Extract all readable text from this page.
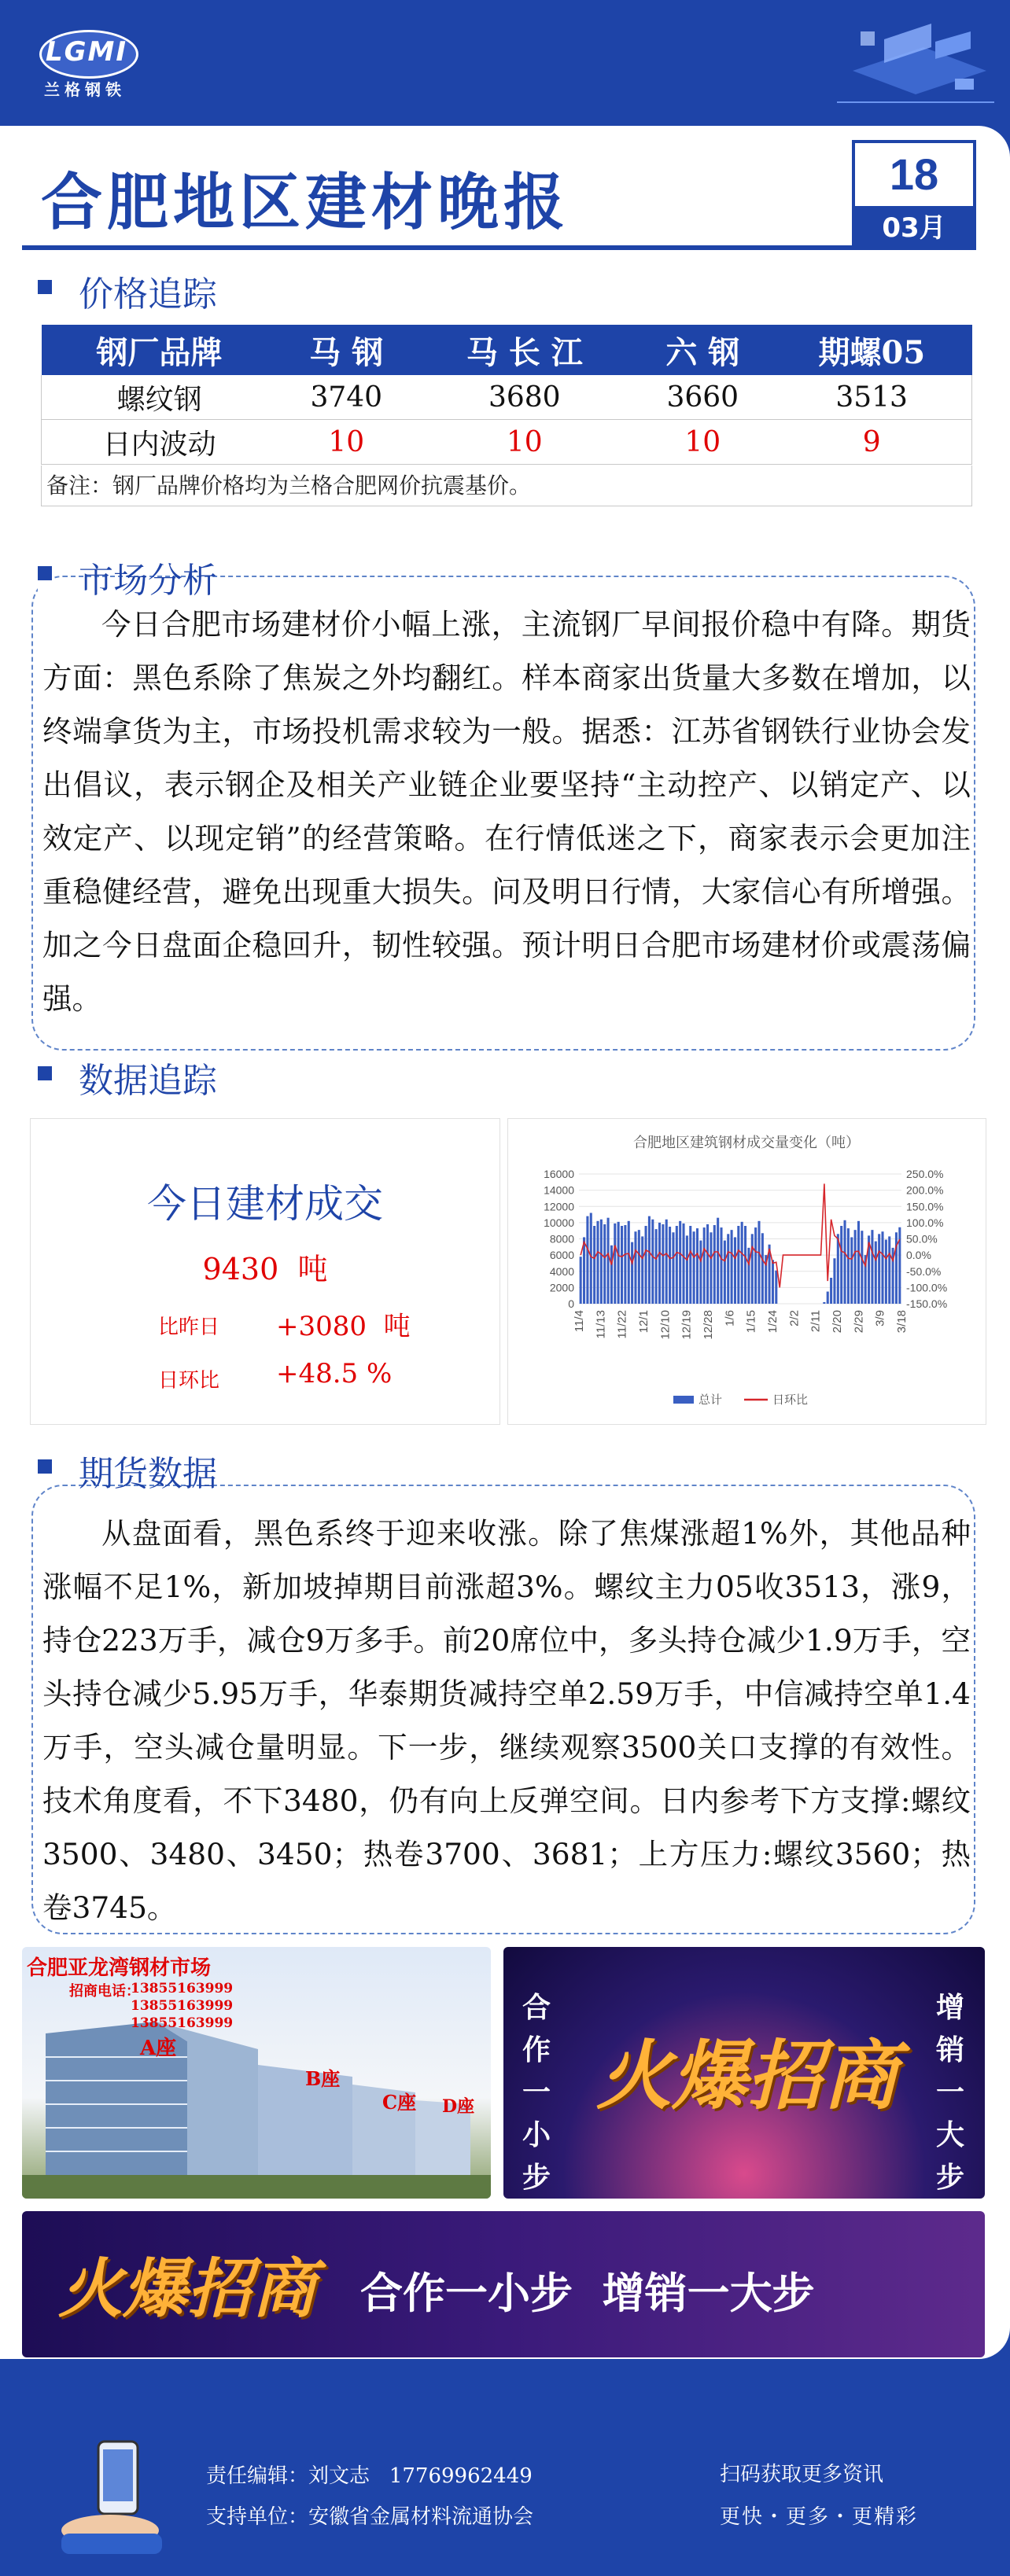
LGMI
兰格钢铁
合肥地区建材晚报	18
03月
价格追踪
钢厂品牌	马 钢	马 长 江	六 钢	期螺05
螺纹钢	3740	3680	3660	3513
日内波动	10	10	10	9
备注：钢厂品牌价格均为兰格合肥网价抗震基价。
市场分析
今日合肥市场建材价小幅上涨，主流钢厂早间报价稳中有降。期货方面：黑色系除了焦炭之外均翻红。样本商家出货量大多数在增加，以终端拿货为主，市场投机需求较为一般。据悉：江苏省钢铁行业协会发出倡议，表示钢企及相关产业链企业要坚持“主动控产、以销定产、以效定产、以现定销”的经营策略。在行情低迷之下，商家表示会更加注重稳健经营，避免出现重大损失。问及明日行情，大家信心有所增强。加之今日盘面企稳回升，韧性较强。预计明日合肥市场建材价或震荡偏强。
数据追踪
今日建材成交
9430 吨
比昨日 +3080 吨
日环比 +48.5 %
合肥地区建筑钢材成交量变化（吨）
0
2000
4000
6000
8000
10000
12000
14000
16000
-150.0%
-100.0%
-50.0%
0.0%
50.0%
100.0%
150.0%
200.0%
250.0%
11/4 11/13 11/22 12/1 12/10 12/19 12/28 1/6 1/15 1/24 2/2 2/11 2/20 2/29 3/9 3/18
总计	日环比
期货数据
从盘面看，黑色系终于迎来收涨。除了焦煤涨超1%外，其他品种涨幅不足1%，新加坡掉期目前涨超3%。螺纹主力05收3513，涨9，持仓223万手，减仓9万多手。前20席位中，多头持仓减少1.9万手，空头持仓减少5.95万手，华泰期货减持空单2.59万手，中信减持空单1.4万手，空头减仓量明显。下一步，继续观察3500关口支撑的有效性。技术角度看，不下3480，仍有向上反弹空间。日内参考下方支撑:螺纹3500、3480、3450；热卷3700、3681；上方压力:螺纹3560；热卷3745。
合肥亚龙湾钢材市场
招商电话：
13855163999
13855163999
13855163999
A座
B座
C座 D座
合作一小步
火爆招商
增销一大步
火爆招商 合作一小步  增销一大步
责任编辑：刘文志 17769962449
支持单位：安徽省金属材料流通协会
扫码获取更多资讯
更快・更多・更精彩
